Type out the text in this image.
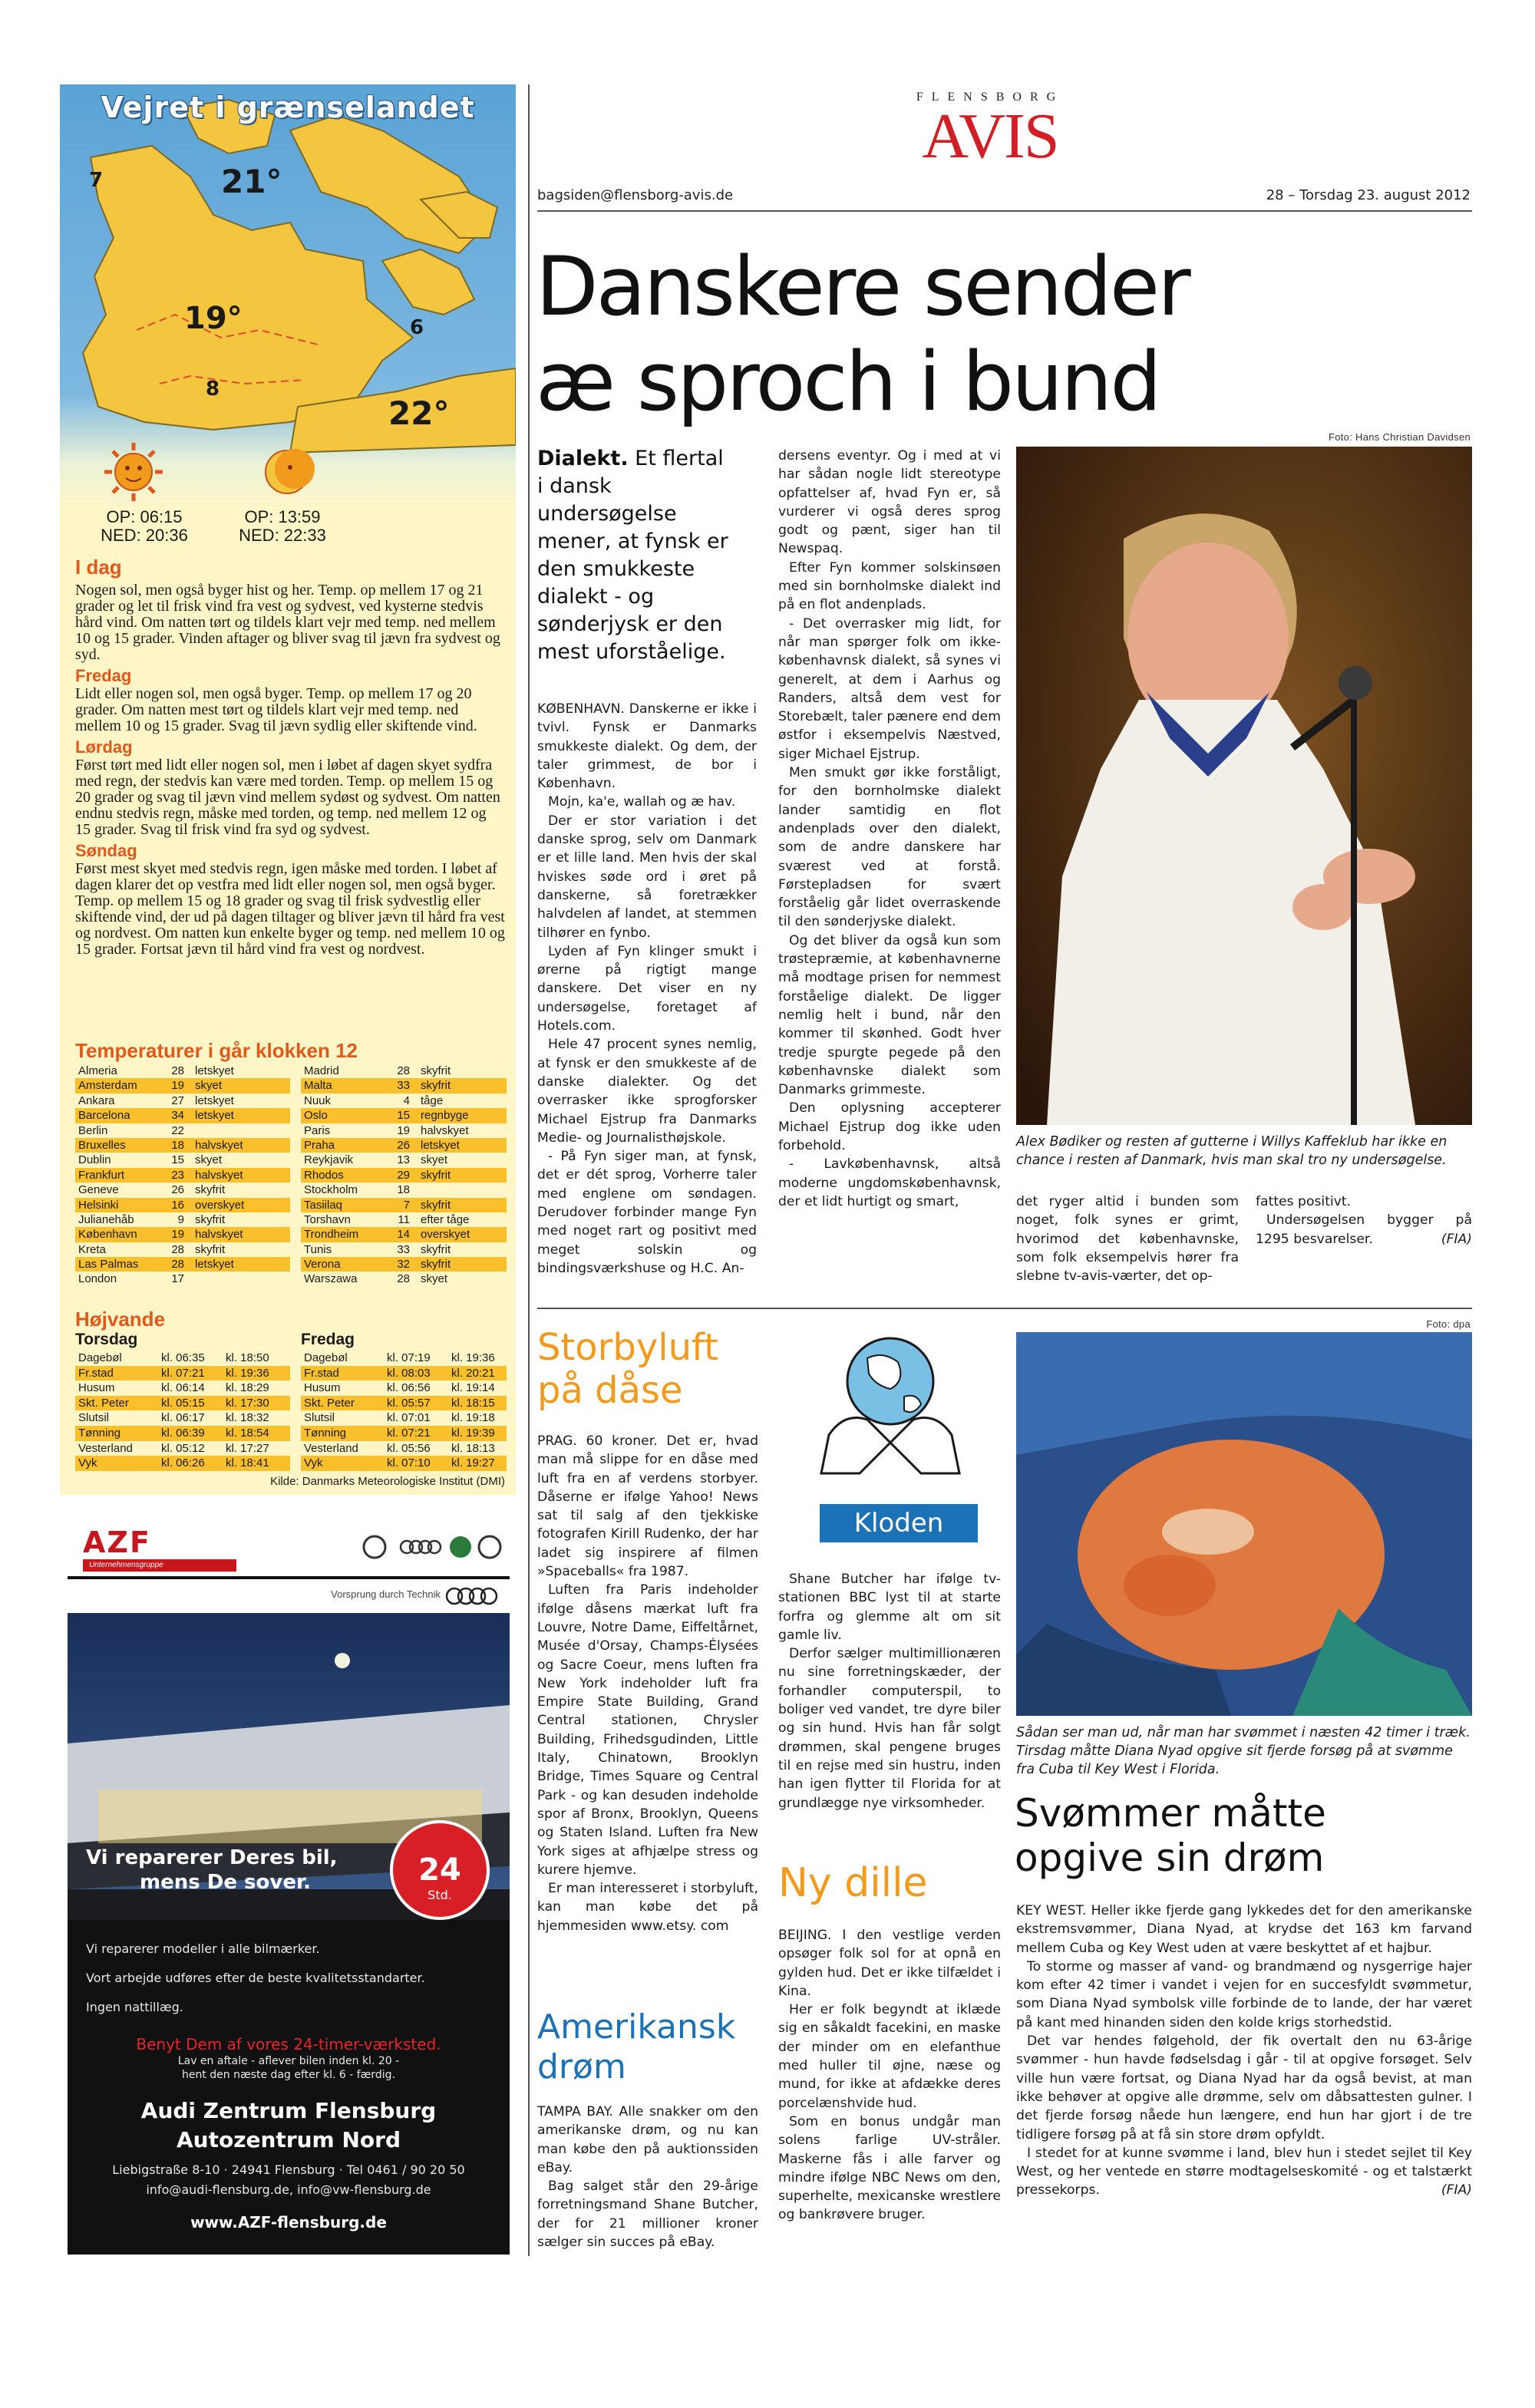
Vejret i grænselandet
7	21°
19°	6
8
22°
OP: 06:15
NED: 20:36
OP: 13:59
NED: 22:33
I dag
Nogen sol, men også byger hist og her. Temp. op mellem 17 og 21 grader og let til frisk vind fra vest og sydvest, ved kysterne stedvis hård vind. Om natten tørt og tildels klart vejr med temp. ned mellem 10 og 15 grader. Vinden aftager og bliver svag til jævn fra sydvest og syd.
Fredag
Lidt eller nogen sol, men også byger. Temp. op mellem 17 og 20 grader. Om natten mest tørt og tildels klart vejr med temp. ned mellem 10 og 15 grader. Svag til jævn sydlig eller skiftende vind.
Lørdag
Først tørt med lidt eller nogen sol, men i løbet af dagen skyet sydfra med regn, der stedvis kan være med torden. Temp. op mellem 15 og 20 grader og svag til jævn vind mellem sydøst og sydvest. Om natten endnu stedvis regn, måske med torden, og temp. ned mellem 12 og 15 grader. Svag til frisk vind fra syd og sydvest.
Søndag
Først mest skyet med stedvis regn, igen måske med torden. I løbet af dagen klarer det op vestfra med lidt eller nogen sol, men også byger. Temp. op mellem 15 og 18 grader og svag til frisk sydvestlig eller skiftende vind, der ud på dagen tiltager og bliver jævn til hård fra vest og nordvest. Om natten kun enkelte byger og temp. ned mellem 10 og 15 grader. Fortsat jævn til hård vind fra vest og nordvest.
Temperaturer i går klokken 12
Almeria	28 letskyet
Amsterdam	19 skyet
Ankara	27 letskyet
Barcelona	34 letskyet
Berlin	22
Bruxelles	18 halvskyet
Dublin	15 skyet
Frankfurt	23 halvskyet
Geneve	26 skyfrit
Helsinki	16 overskyet
Julianehåb	9 skyfrit
København	19 halvskyet
Kreta	28 skyfrit
Las Palmas	28 letskyet
London	17
Madrid	28 skyfrit
Malta	33 skyfrit
Nuuk	4 tåge
Oslo	15 regnbyge
Paris	19 halvskyet
Praha	26 letskyet
Reykjavik	13 skyet
Rhodos	29 skyfrit
Stockholm	18
Tasiilaq	7 skyfrit
Torshavn	11 efter tåge
Trondheim	14 overskyet
Tunis	33 skyfrit
Verona	32 skyfrit
Warszawa	28 skyet
Højvande
Torsdag	Fredag
Dagebøl	kl. 06:35 kl. 18:50
Fr.stad	kl. 07:21 kl. 19:36
Husum	kl. 06:14 kl. 18:29
Skt. Peter	kl. 05:15 kl. 17:30
Slutsil	kl. 06:17 kl. 18:32
Tønning	kl. 06:39 kl. 18:54
Vesterland kl. 05:12 kl. 17:27
Vyk	kl. 06:26 kl. 18:41
Dagebøl	kl. 07:19 kl. 19:36
Fr.stad	kl. 08:03 kl. 20:21
Husum	kl. 06:56 kl. 19:14
Skt. Peter	kl. 05:57 kl. 18:15
Slutsil	kl. 07:01 kl. 19:18
Tønning	kl. 07:21 kl. 19:39
Vesterland kl. 05:56 kl. 18:13
Vyk	kl. 07:10 kl. 19:27
Kilde: Danmarks Meteorologiske Institut (DMI)
AZF
Unternehmensgruppe
Vorsprung durch Technik
Vi reparerer Deres bil,
mens De sover.	24
Std.
Vi reparerer modeller i alle bilmærker.
Vort arbejde udføres efter de beste kvalitetsstandarter.
Ingen nattillæg.
Benyt Dem af vores 24-timer-værksted.
Lav en aftale - aflever bilen inden kl. 20 -
hent den næste dag efter kl. 6 - færdig.
Audi Zentrum Flensburg
Autozentrum Nord
Liebigstraße 8-10 · 24941 Flensburg · Tel 0461 / 90 20 50
info@audi-flensburg.de, info@vw-flensburg.de
www.AZF-flensburg.de
FLENSBORG
AVIS
bagsiden@flensborg-avis.de	28 – Torsdag 23. august 2012
Danskere sender
æ sproch i bund
Foto: Hans Christian Davidsen
Dialekt. Et flertal i dansk undersøgelse mener, at fynsk er den smukkeste dialekt - og sønderjysk er den mest uforståelige.

KØBENHAVN. Danskerne er ikke i tvivl. Fynsk er Danmarks smukkeste dialekt. Og dem, der taler grimmest, de bor i København.

Mojn, ka'e, wallah og æ hav.

Der er stor variation i det danske sprog, selv om Danmark er et lille land. Men hvis der skal hviskes søde ord i øret på danskerne, så foretrækker halvdelen af landet, at stemmen tilhører en fynbo.

Lyden af Fyn klinger smukt i ørerne på rigtigt mange danskere. Det viser en ny undersøgelse, foretaget af Hotels.com.

Hele 47 procent synes nemlig, at fynsk er den smukkeste af de danske dialekter. Og det overrasker ikke sprogforsker Michael Ejstrup fra Danmarks Medie- og Journalisthøjskole.

- På Fyn siger man, at fynsk, det er dét sprog, Vorherre taler med englene om søndagen. Derudover forbinder mange Fyn med noget rart og positivt med meget solskin og bindingsværkshuse og H.C. An-

dersens eventyr. Og i med at vi har sådan nogle lidt stereotype opfattelser af, hvad Fyn er, så vurderer vi også deres sprog godt og pænt, siger han til Newspaq.

Efter Fyn kommer solskinsøen med sin bornholmske dialekt ind på en flot andenplads.

- Det overrasker mig lidt, for når man spørger folk om ikke-københavnsk dialekt, så synes vi generelt, at dem i Aarhus og Randers, altså dem vest for Storebælt, taler pænere end dem østfor i eksempelvis Næstved, siger Michael Ejstrup.

Men smukt gør ikke forståligt, for den bornholmske dialekt lander samtidig en flot andenplads over den dialekt, som de andre danskere har sværest ved at forstå. Førstepladsen for svært forståelig går lidet overraskende til den sønderjyske dialekt.

Og det bliver da også kun som trøstepræmie, at københavnerne må modtage prisen for nemmest forståelige dialekt. De ligger nemlig helt i bund, når den kommer til skønhed. Godt hver tredje spurgte pegede på den københavnske dialekt som Danmarks grimmeste.

Den oplysning accepterer Michael Ejstrup dog ikke uden forbehold.

- Lavkøbenhavnsk, altså moderne ungdomskøbenhavnsk, der et lidt hurtigt og smart,

Alex Bødiker og resten af gutterne i Willys Kaffeklub har ikke en chance i resten af Danmark, hvis man skal tro ny undersøgelse.

det ryger altid i bunden som noget, folk synes er grimt, hvorimod det københavnske, som folk eksempelvis hører fra slebne tv-avis-værter, det op-

fattes positivt.

Undersøgelsen bygger på 1295 besvarelser.	(FIA)

Storbyluft
på dåse

PRAG. 60 kroner. Det er, hvad man må slippe for en dåse med luft fra en af verdens storbyer. Dåserne er ifølge Yahoo! News sat til salg af den tjekkiske fotografen Kirill Rudenko, der har ladet sig inspirere af filmen »Spaceballs« fra 1987.

Luften fra Paris indeholder ifølge dåsens mærkat luft fra Louvre, Notre Dame, Eiffeltårnet, Musée d'Orsay, Champs-Élysées og Sacre Coeur, mens luften fra New York indeholder luft fra Empire State Building, Grand Central stationen, Chrysler Building, Frihedsgudinden, Little Italy, Chinatown, Brooklyn Bridge, Times Square og Central Park - og kan desuden indeholde spor af Bronx, Brooklyn, Queens og Staten Island. Luften fra New York siges at afhjælpe stress og kurere hjemve.

Er man interesseret i storbyluft, kan man købe det på hjemmesiden www.etsy. com

Amerikansk
drøm

TAMPA BAY. Alle snakker om den amerikanske drøm, og nu kan man købe den på auktionssiden eBay.

Bag salget står den 29-årige forretningsmand Shane Butcher, der for 21 millioner kroner sælger sin succes på eBay.

Kloden rundt

Shane Butcher har ifølge tv-stationen BBC lyst til at starte forfra og glemme alt om sit gamle liv.

Derfor sælger multimillionæren nu sine forretningskæder, der forhandler computerspil, to boliger ved vandet, tre dyre biler og sin hund. Hvis han får solgt drømmen, skal pengene bruges til en rejse med sin hustru, inden han igen flytter til Florida for at grundlægge nye virksomheder.

Ny dille

BEIJING. I den vestlige verden opsøger folk sol for at opnå en gylden hud. Det er ikke tilfældet i Kina.

Her er folk begyndt at iklæde sig en såkaldt facekini, en maske der minder om en elefanthue med huller til øjne, næse og mund, for ikke at afdække deres porcelænshvide hud.

Som en bonus undgår man solens farlige UV-stråler. Maskerne fås i alle farver og mindre ifølge NBC News om den, superhelte, mexicanske wrestlere og bankrøvere bruger.

Foto: dpa
Sådan ser man ud, når man har svømmet i næsten 42 timer i træk. Tirsdag måtte Diana Nyad opgive sit fjerde forsøg på at svømme fra Cuba til Key West i Florida.
Svømmer måtte
opgive sin drøm

KEY WEST. Heller ikke fjerde gang lykkedes det for den amerikanske ekstremsvømmer, Diana Nyad, at krydse det 163 km farvand mellem Cuba og Key West uden at være beskyttet af et hajbur.

To storme og masser af vand- og brandmænd og nysgerrige hajer kom efter 42 timer i vandet i vejen for en succesfyldt svømmetur, som Diana Nyad symbolsk ville forbinde de to lande, der har været på kant med hinanden siden den kolde krigs storhedstid.

Det var hendes følgehold, der fik overtalt den nu 63-årige svømmer - hun havde fødselsdag i går - til at opgive forsøget. Selv ville hun være fortsat, og Diana Nyad har da også bevist, at man ikke behøver at opgive alle drømme, selv om dåbsattesten gulner. I det fjerde forsøg nåede hun længere, end hun har gjort i de tre tidligere forsøg på at få sin store drøm opfyldt.

I stedet for at kunne svømme i land, blev hun i stedet sejlet til Key West, og her ventede en større modtagelseskomité - og et talstærkt pressekorps.	(FIA)
